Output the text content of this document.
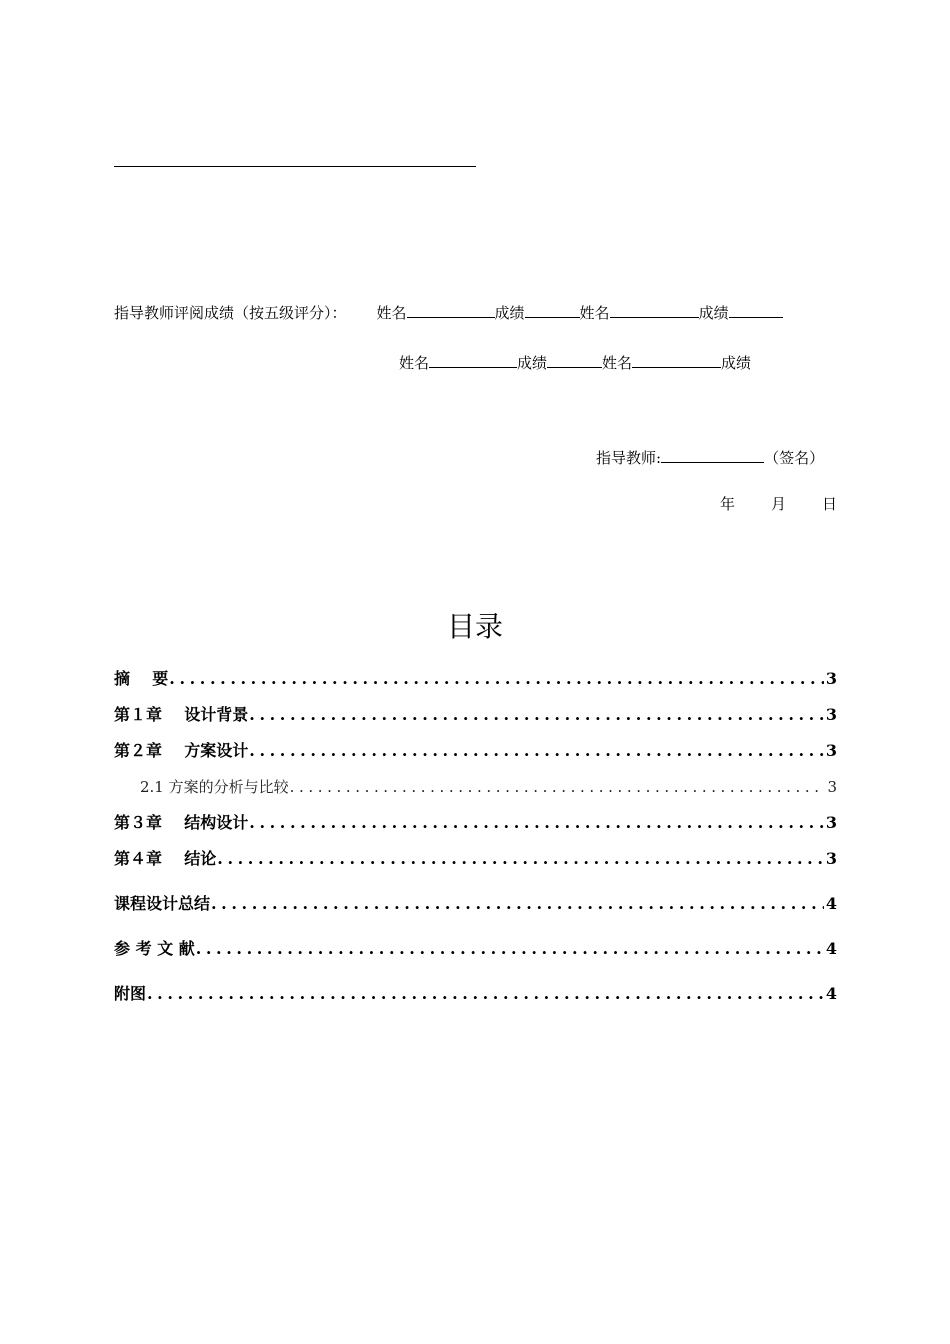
指导教师评阅成绩（按五级评分）： 姓名	成绩	姓名	成绩
姓名	成绩	姓名	成绩
指导教师:	（签名）
年 月 日
目录
摘    要 .....	3
第１章    设计背景 .....	3
第２章    方案设计 .....	3
2.1 方案的分析与比较 .....	3
第３章    结构设计 .....	3
第４章    结论 .....	3
课程设计总结 .....	4
参 考 文 献 .....	4
附图 .....	4
